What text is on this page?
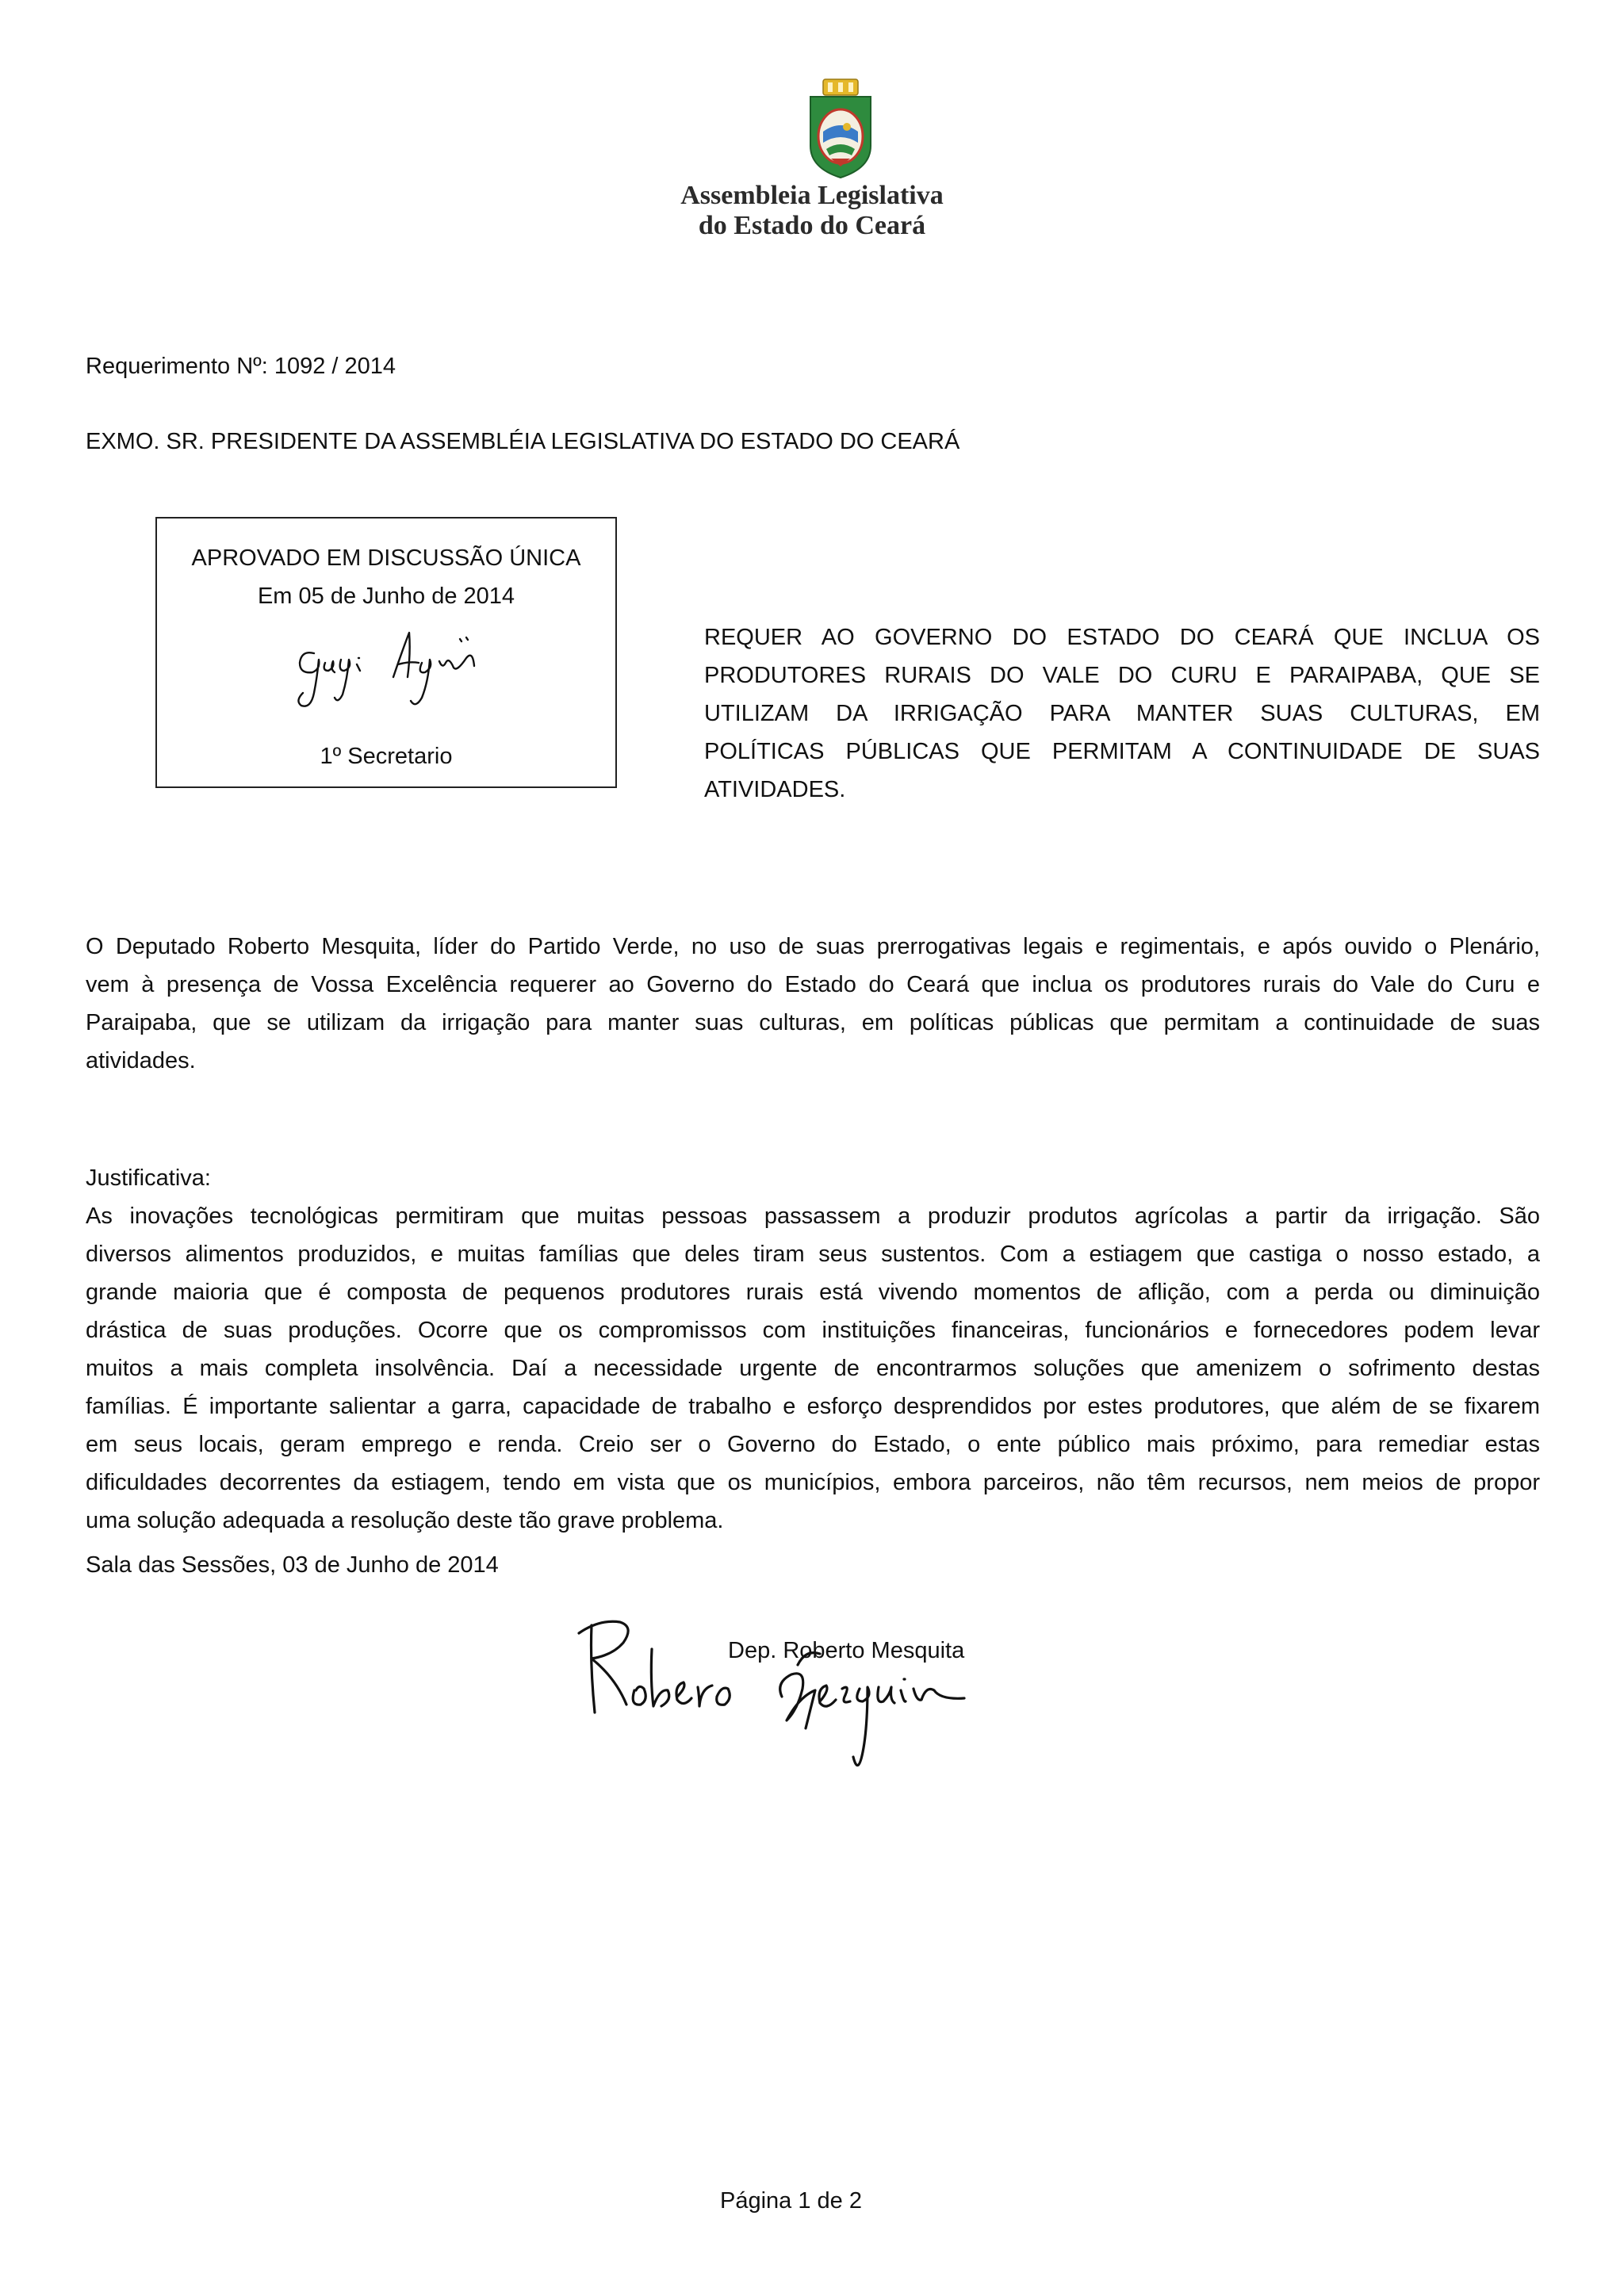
Assembleia Legislativa
do Estado do Ceará
Requerimento Nº: 1092 / 2014
EXMO. SR. PRESIDENTE DA ASSEMBLÉIA LEGISLATIVA DO ESTADO DO CEARÁ
APROVADO EM DISCUSSÃO ÚNICA
Em 05 de Junho de 2014
1º Secretario
REQUER AO GOVERNO DO ESTADO DO CEARÁ QUE INCLUA OS
PRODUTORES RURAIS DO VALE DO CURU E PARAIPABA, QUE SE
UTILIZAM DA IRRIGAÇÃO PARA MANTER SUAS CULTURAS, EM
POLÍTICAS PÚBLICAS QUE PERMITAM A CONTINUIDADE DE SUAS
ATIVIDADES.
O Deputado Roberto Mesquita, líder do Partido Verde, no uso de suas prerrogativas legais e regimentais, e após ouvido o Plenário,
vem à presença de Vossa Excelência requerer ao Governo do Estado do Ceará que inclua os produtores rurais do Vale do Curu e
Paraipaba, que se utilizam da irrigação para manter suas culturas, em políticas públicas que permitam a continuidade de suas
atividades.
Justificativa:
As inovações tecnológicas permitiram que muitas pessoas passassem a produzir produtos agrícolas a partir da irrigação. São
diversos alimentos produzidos, e muitas famílias que deles tiram seus sustentos. Com a estiagem que castiga o nosso estado, a
grande maioria que é composta de pequenos produtores rurais está vivendo momentos de aflição, com a perda ou diminuição
drástica de suas produções. Ocorre que os compromissos com instituições financeiras, funcionários e fornecedores podem levar
muitos a mais completa insolvência. Daí a necessidade urgente de encontrarmos soluções que amenizem o sofrimento destas
famílias. É importante salientar a garra, capacidade de trabalho e esforço desprendidos por estes produtores, que além de se fixarem
em seus locais, geram emprego e renda. Creio ser o Governo do Estado, o ente público mais próximo, para remediar estas
dificuldades decorrentes da estiagem, tendo em vista que os municípios, embora parceiros, não têm recursos, nem meios de propor
uma solução adequada a resolução deste tão grave problema.
Sala das Sessões, 03 de Junho de 2014
Dep. Roberto Mesquita
Página 1 de 2
